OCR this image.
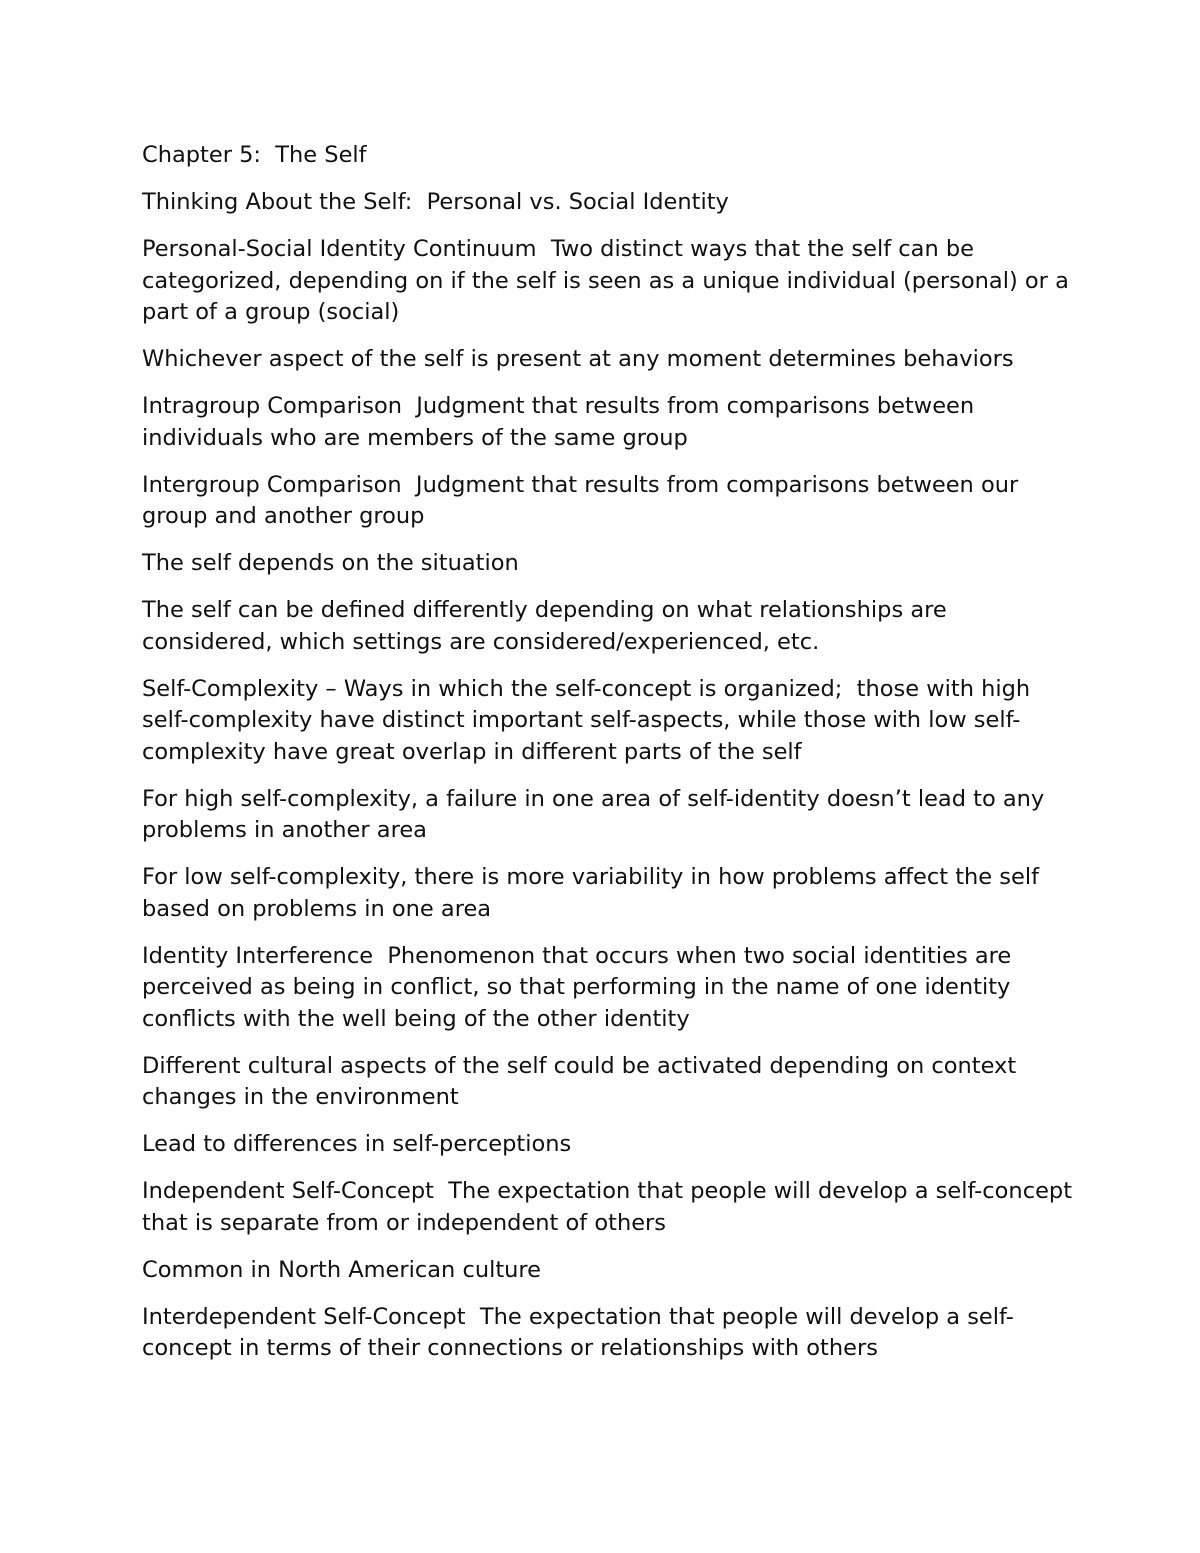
Chapter 5:  The Self

Thinking About the Self:  Personal vs. Social Identity

Personal-Social Identity Continuum  Two distinct ways that the self can be categorized, depending on if the self is seen as a unique individual (personal) or a part of a group (social)

Whichever aspect of the self is present at any moment determines behaviors

Intragroup Comparison  Judgment that results from comparisons between individuals who are members of the same group

Intergroup Comparison  Judgment that results from comparisons between our group and another group

The self depends on the situation

The self can be defined differently depending on what relationships are considered, which settings are considered/experienced, etc.

Self-Complexity – Ways in which the self-concept is organized;  those with high self-complexity have distinct important self-aspects, while those with low self-complexity have great overlap in different parts of the self

For high self-complexity, a failure in one area of self-identity doesn’t lead to any problems in another area

For low self-complexity, there is more variability in how problems affect the self based on problems in one area

Identity Interference  Phenomenon that occurs when two social identities are perceived as being in conflict, so that performing in the name of one identity conflicts with the well being of the other identity

Different cultural aspects of the self could be activated depending on context changes in the environment

Lead to differences in self-perceptions

Independent Self-Concept  The expectation that people will develop a self-concept that is separate from or independent of others

Common in North American culture

Interdependent Self-Concept  The expectation that people will develop a self-concept in terms of their connections or relationships with others
